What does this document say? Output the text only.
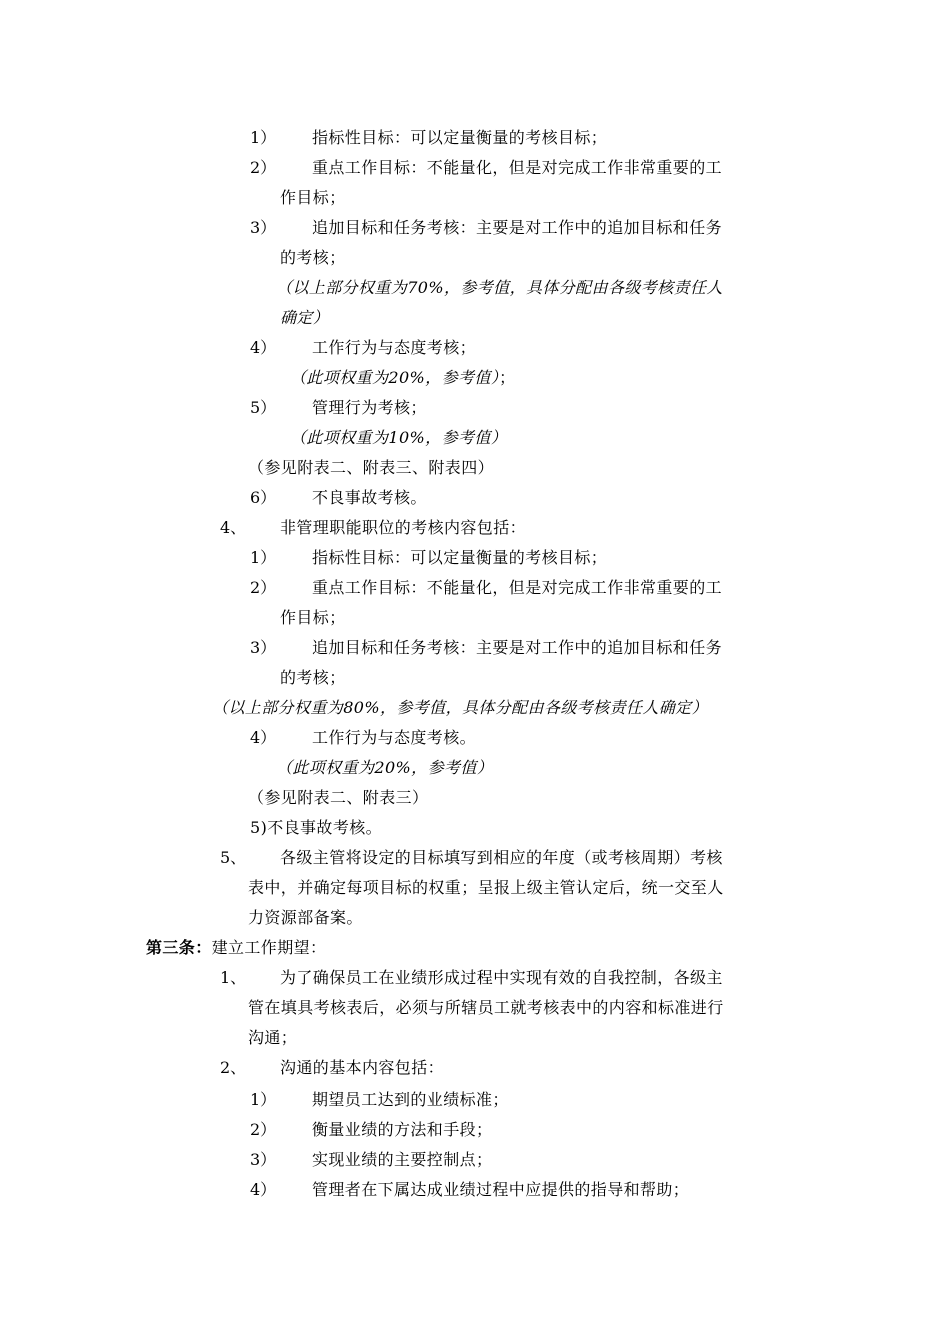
1） 指标性目标：可以定量衡量的考核目标；
2） 重点工作目标：不能量化，但是对完成工作非常重要的工
作目标；
3） 追加目标和任务考核：主要是对工作中的追加目标和任务
的考核；
（以上部分权重为70%，参考值，具体分配由各级考核责任人
确定）
4） 工作行为与态度考核；
（此项权重为20%，参考值）；
5） 管理行为考核；
（此项权重为10%，参考值）
（参见附表二、附表三、附表四）
6） 不良事故考核。
4、 非管理职能职位的考核内容包括：
1） 指标性目标：可以定量衡量的考核目标；
2） 重点工作目标：不能量化，但是对完成工作非常重要的工
作目标；
3） 追加目标和任务考核：主要是对工作中的追加目标和任务
的考核；
（以上部分权重为80%，参考值，具体分配由各级考核责任人确定）
4） 工作行为与态度考核。
（此项权重为20%，参考值）
（参见附表二、附表三）
5)不良事故考核。
5、 各级主管将设定的目标填写到相应的年度（或考核周期）考核
表中，并确定每项目标的权重；呈报上级主管认定后，统一交至人
力资源部备案。
第三条：建立工作期望：
1、 为了确保员工在业绩形成过程中实现有效的自我控制，各级主
管在填具考核表后，必须与所辖员工就考核表中的内容和标准进行
沟通；
2、 沟通的基本内容包括：
1） 期望员工达到的业绩标准；
2） 衡量业绩的方法和手段；
3） 实现业绩的主要控制点；
4） 管理者在下属达成业绩过程中应提供的指导和帮助；
